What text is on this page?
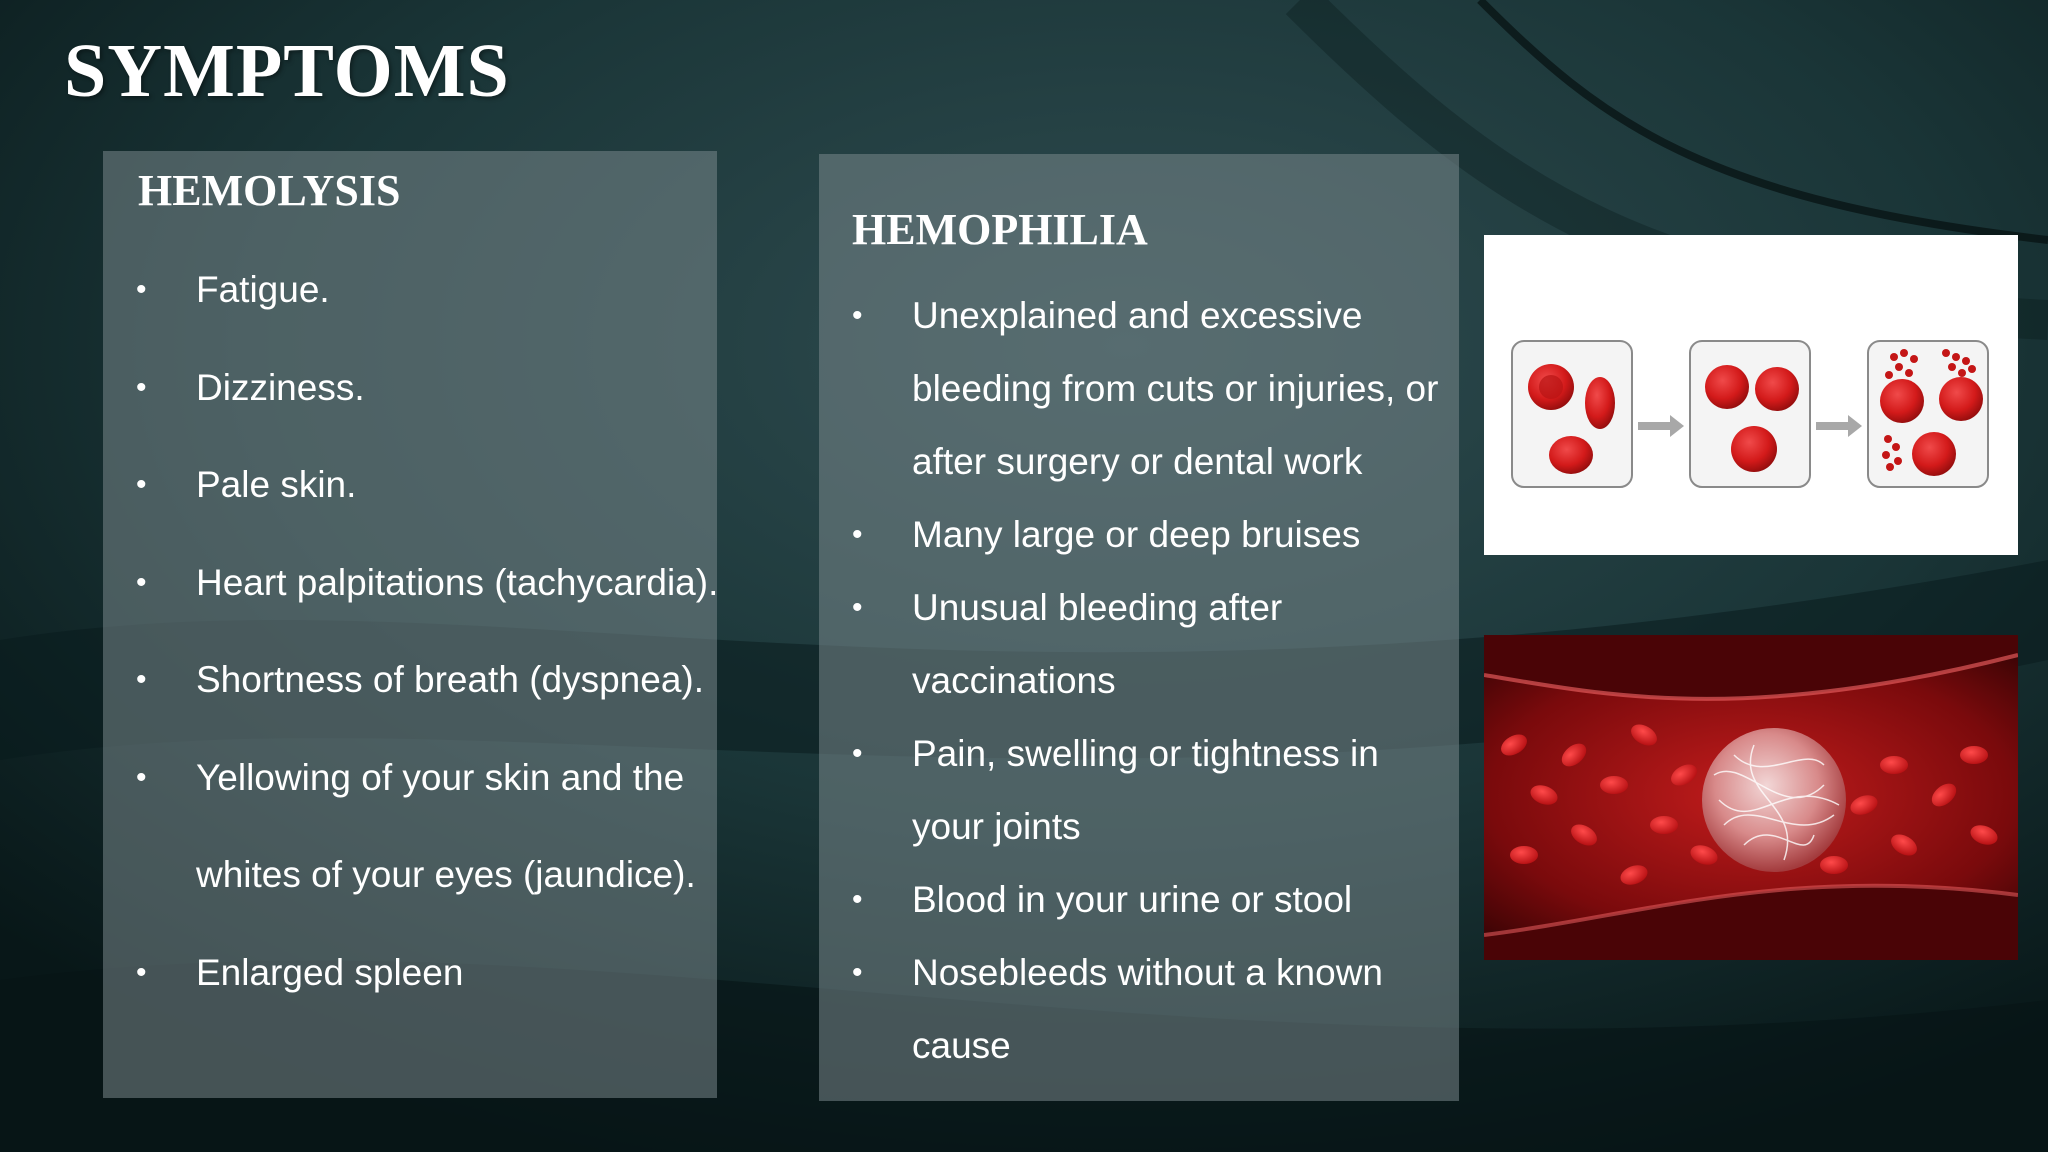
SYMPTOMS
HEMOLYSIS
• Fatigue.
• Dizziness.
• Pale skin.
• Heart palpitations (tachycardia).
• Shortness of breath (dyspnea).
• Yellowing of your skin and the whites of your eyes (jaundice).
• Enlarged spleen
HEMOPHILIA
• Unexplained and excessive bleeding from cuts or injuries, or after surgery or dental work
• Many large or deep bruises
• Unusual bleeding after vaccinations
• Pain, swelling or tightness in your joints
• Blood in your urine or stool
• Nosebleeds without a known cause
